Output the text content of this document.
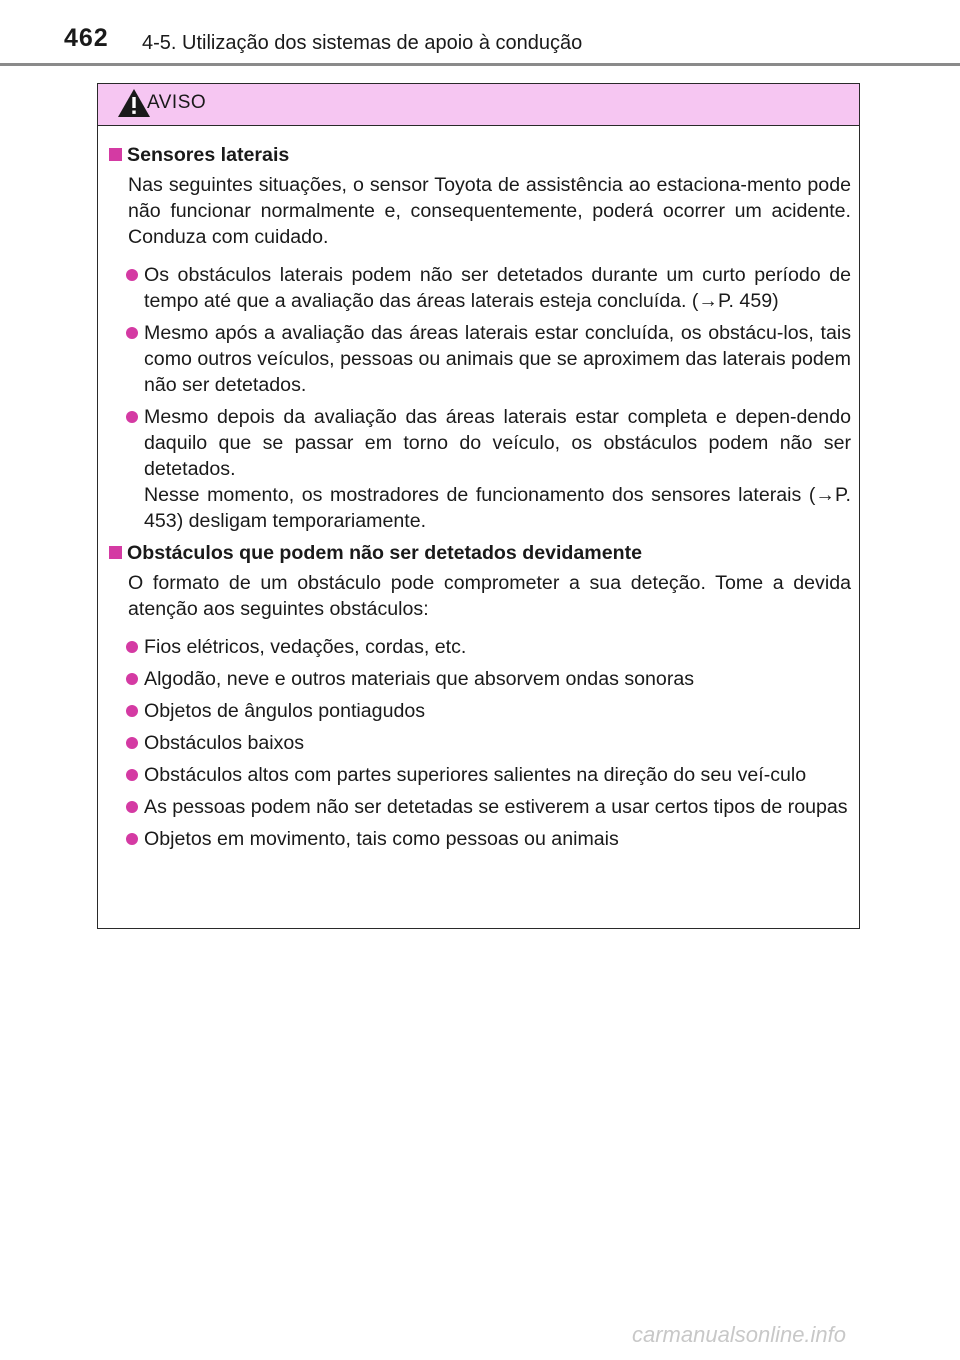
462 4-5. Utilização dos sistemas de apoio à condução
AVISO
Sensores laterais
Nas seguintes situações, o sensor Toyota de assistência ao estaciona-mento pode não funcionar normalmente e, consequentemente, poderá ocorrer um acidente. Conduza com cuidado.
Os obstáculos laterais podem não ser detetados durante um curto período de tempo até que a avaliação das áreas laterais esteja concluída. (→P. 459)
Mesmo após a avaliação das áreas laterais estar concluída, os obstácu-los, tais como outros veículos, pessoas ou animais que se aproximem das laterais podem não ser detetados.
Mesmo depois da avaliação das áreas laterais estar completa e depen-dendo daquilo que se passar em torno do veículo, os obstáculos podem não ser detetados.
Nesse momento, os mostradores de funcionamento dos sensores laterais (→P. 453) desligam temporariamente.
Obstáculos que podem não ser detetados devidamente
O formato de um obstáculo pode comprometer a sua deteção. Tome a devida atenção aos seguintes obstáculos:
Fios elétricos, vedações, cordas, etc.
Algodão, neve e outros materiais que absorvem ondas sonoras
Objetos de ângulos pontiagudos
Obstáculos baixos
Obstáculos altos com partes superiores salientes na direção do seu veí-culo
As pessoas podem não ser detetadas se estiverem a usar certos tipos de roupas
Objetos em movimento, tais como pessoas ou animais
carmanualsonline.info
